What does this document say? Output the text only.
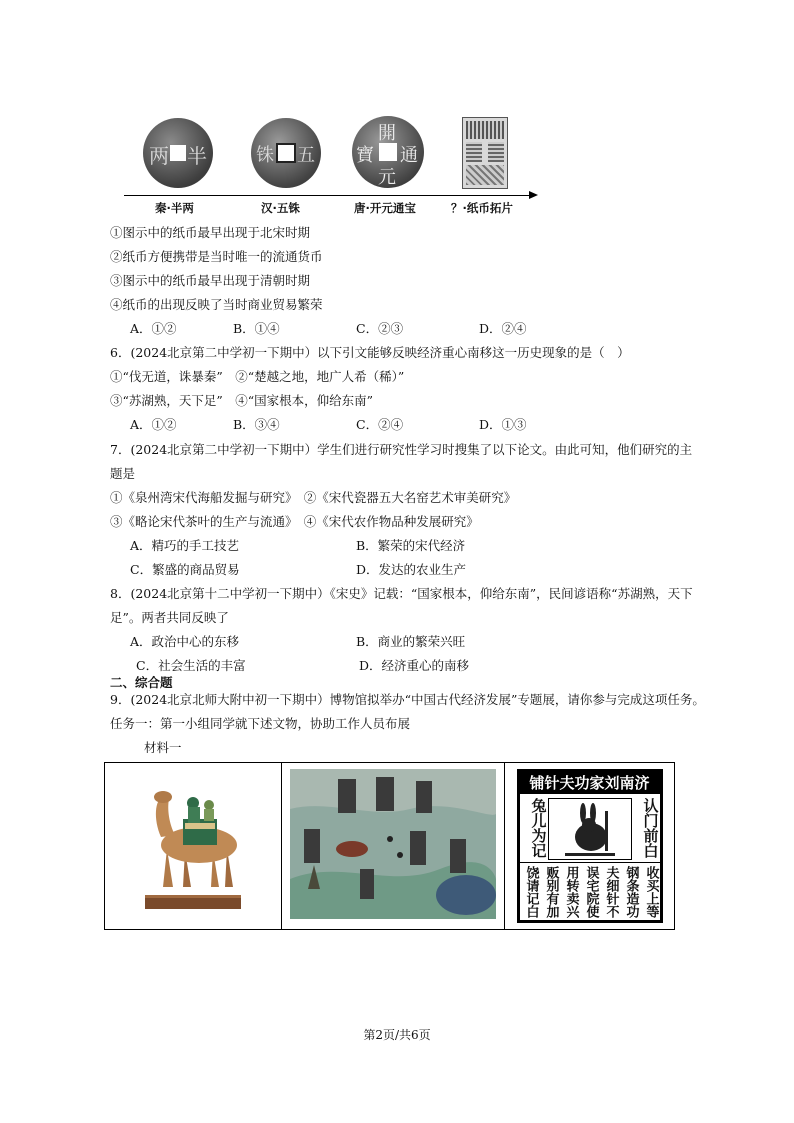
两 半	铢 五
開
元
寶 通
秦·半两	汉·五铢	唐·开元通宝	？·纸币拓片
①图示中的纸币最早出现于北宋时期
②纸币方便携带是当时唯一的流通货币
③图示中的纸币最早出现于清朝时期
④纸币的出现反映了当时商业贸易繁荣
A．①②	B．①④	C．②③	D．②④
6．(2024北京第二中学初一下期中）以下引文能够反映经济重心南移这一历史现象的是（　）
①“伐无道，诛暴秦”　②“楚越之地，地广人希（稀）”
③“苏湖熟，天下足”　④“国家根本，仰给东南”
A．①②	B．③④	C．②④	D．①③
7．(2024北京第二中学初一下期中）学生们进行研究性学习时搜集了以下论文。由此可知，他们研究的主
题是
①《泉州湾宋代海船发掘与研究》　②《宋代瓷器五大名窑艺术审美研究》
③《略论宋代茶叶的生产与流通》　④《宋代农作物品种发展研究》
A．精巧的手工技艺	B．繁荣的宋代经济
C．繁盛的商品贸易	D．发达的农业生产
8．(2024北京第十二中学初一下期中）《宋史》记载：“国家根本，仰给东南”，民间谚语称“苏湖熟，天下
足”。两者共同反映了
A．政治中心的东移	B．商业的繁荣兴旺
C．社会生活的丰富	D．经济重心的南移
二、综合题
9．(2024北京北师大附中初一下期中）博物馆拟举办“中国古代经济发展”专题展，请你参与完成这项任务。
任务一：第一小组同学就下述文物，协助工作人员布展
材料一

济南刘家功夫针铺
兔儿为记	认门前白
收买上等
钢条造功
夫细针不
误宅院使
用转卖兴
贩别有加
饶请记白
第2页/共6页
